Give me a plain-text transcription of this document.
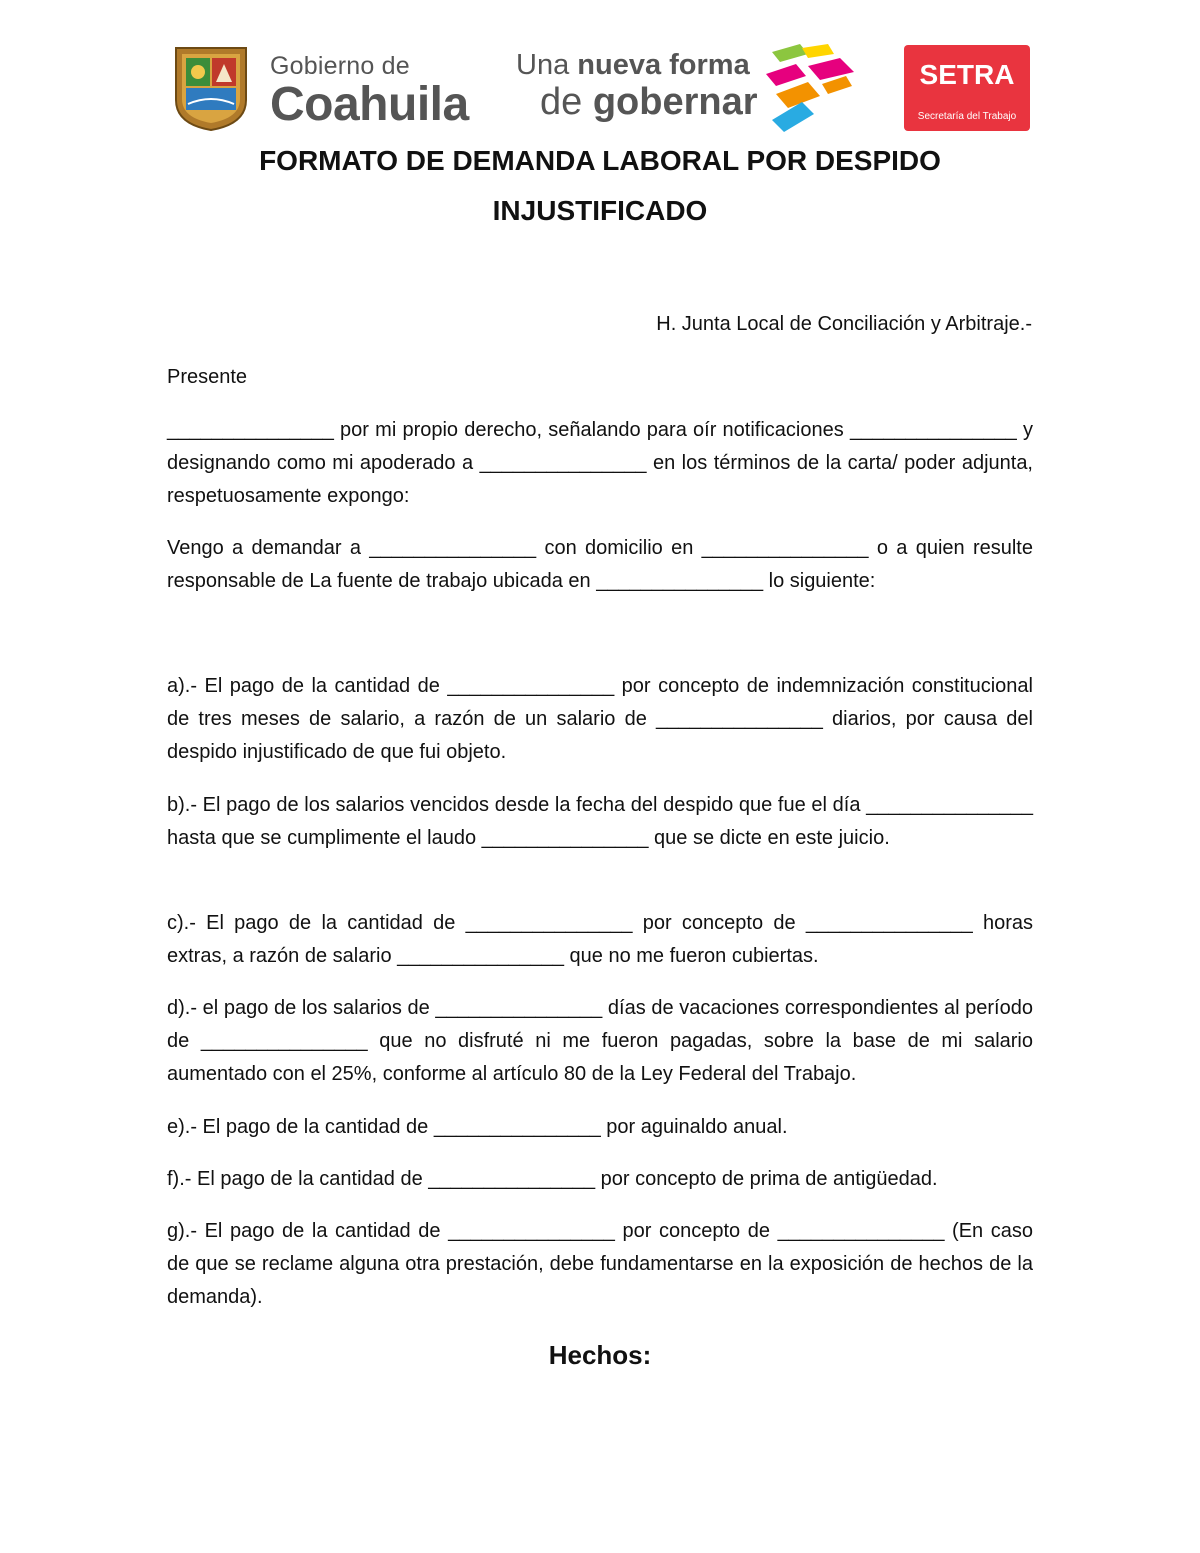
Gobierno de
Coahuila
Una nueva forma
de gobernar
SETRA
Secretaría del Trabajo
FORMATO DE DEMANDA LABORAL POR DESPIDO
INJUSTIFICADO
H. Junta Local de Conciliación y Arbitraje.-
Presente
_______________ por mi propio derecho, señalando para oír notificaciones _______________ y designando como mi apoderado a _______________ en los términos de la carta/ poder adjunta, respetuosamente expongo:
Vengo a demandar a _______________ con domicilio en _______________ o a quien resulte responsable de La fuente de trabajo ubicada en _______________ lo siguiente:
a).- El pago de la cantidad de _______________ por concepto de indemnización constitucional de tres meses de salario, a razón de un salario de _______________ diarios, por causa del despido injustificado de que fui objeto.
b).- El pago de los salarios vencidos desde la fecha del despido que fue el día _______________ hasta que se cumplimente el laudo _______________ que se dicte en este juicio.
c).- El pago de la cantidad de _______________ por concepto de _______________ horas extras, a razón de salario _______________ que no me fueron cubiertas.
d).- el pago de los salarios de _______________ días de vacaciones correspondientes al período de _______________ que no disfruté ni me fueron pagadas, sobre la base de mi salario aumentado con el 25%, conforme al artículo 80 de la Ley Federal del Trabajo.
e).- El pago de la cantidad de _______________ por aguinaldo anual.
f).- El pago de la cantidad de _______________ por concepto de prima de antigüedad.
g).- El pago de la cantidad de _______________ por concepto de _______________ (En caso de que se reclame alguna otra prestación, debe fundamentarse en la exposición de hechos de la demanda).
Hechos:
